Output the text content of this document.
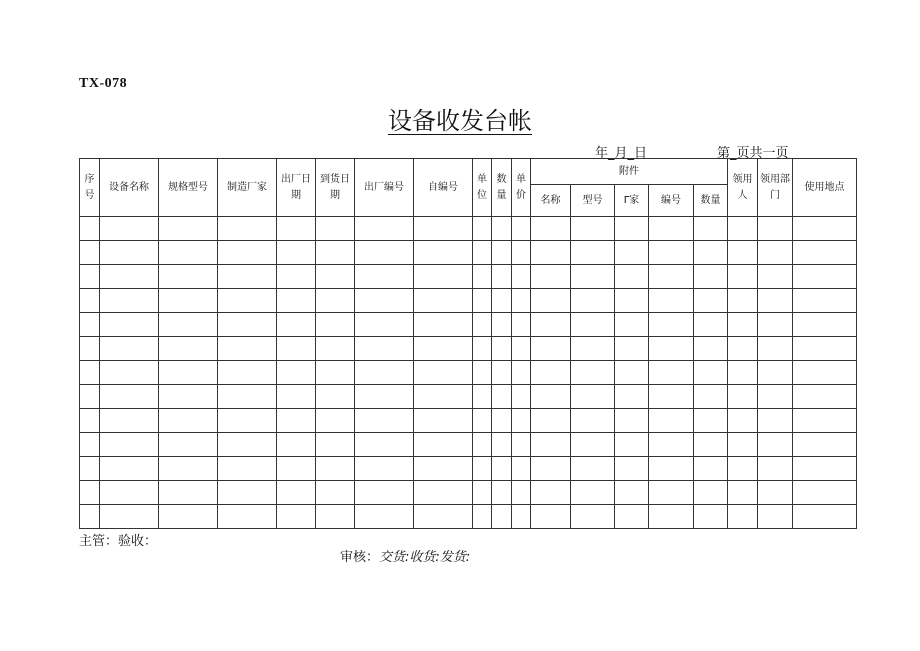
TX-078
设备收发台帐
年_月_日	第_页共一页
序号	设备名称	规格型号	制造厂家	出厂日期	到货日期	出厂编号	自编号	单位	数量	单价	附件					领用人	领用部门	使用地点
											名称	型号	Γ家	编号	数量			

主管：验收：
审核：交货:收货:发货:
